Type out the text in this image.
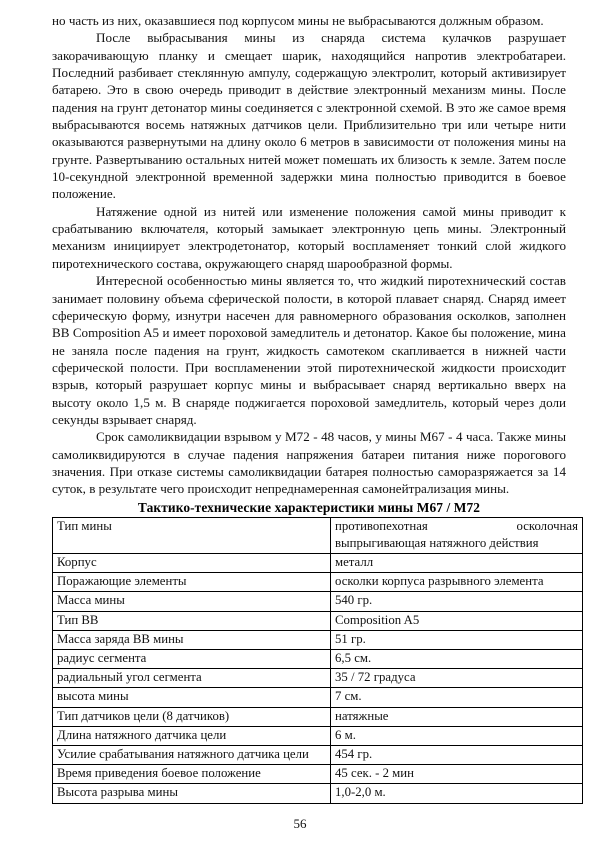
но часть из них, оказавшиеся под корпусом мины не выбрасываются должным образом.

После выбрасывания мины из снаряда система кулачков разрушает закорачивающую планку и смещает шарик, находящийся напротив электробатареи. Последний разбивает стеклянную ампулу, содержащую электролит, который активизирует батарею. Это в свою очередь приводит в действие электронный механизм мины. После падения на грунт детонатор мины соединяется с электронной схемой. В это же самое время выбрасываются восемь натяжных датчиков цели. Приблизительно три или четыре нити оказываются развернутыми на длину около 6 метров в зависимости от положения мины на грунте. Развертыванию остальных нитей может помешать их близость к земле. Затем после 10-секундной электронной временной задержки мина полностью приводится в боевое положение.

Натяжение одной из нитей или изменение положения самой мины приводит к срабатыванию включателя, который замыкает электронную цепь мины. Электронный механизм инициирует электродетонатор, который воспламеняет тонкий слой жидкого пиротехнического состава, окружающего снаряд шарообразной формы.

Интересной особенностью мины является то, что жидкий пиротехнический состав занимает половину объема сферической полости, в которой плавает снаряд. Снаряд имеет сферическую форму, изнутри насечен для равномерного образования осколков, заполнен ВВ Composition A5 и имеет пороховой замедлитель и детонатор. Какое бы положение, мина не заняла после падения на грунт, жидкость самотеком скапливается в нижней части сферической полости. При воспламенении этой пиротехнической жидкости происходит взрыв, который разрушает корпус мины и выбрасывает снаряд вертикально вверх на высоту около 1,5 м. В снаряде поджигается пороховой замедлитель, который через доли секунды взрывает снаряд.

Срок самоликвидации взрывом у М72 - 48 часов, у мины М67 - 4 часа. Также мины самоликвидируются в случае падения напряжения батареи питания ниже порогового значения. При отказе системы самоликвидации батарея полностью саморазряжается за 14 суток, в результате чего происходит непреднамеренная самонейтрализация мины.

Тактико-технические характеристики мины М67 / М72
Тип мины	противопехотная осколочная выпрыгивающая натяжного действия
Корпус	металл
Поражающие элементы	осколки корпуса разрывного элемента
Масса мины	540 гр.
Тип ВВ	Composition A5
Масса заряда ВВ мины	51 гр.
радиус сегмента	6,5 см.
радиальный угол сегмента	35 / 72 градуса
высота мины	7 см.
Тип датчиков цели (8 датчиков)	натяжные
Длина натяжного датчика цели	6 м.
Усилие срабатывания натяжного датчика цели	454 гр.
Время приведения боевое положение	45 сек. - 2 мин
Высота разрыва мины	1,0-2,0 м.
56
